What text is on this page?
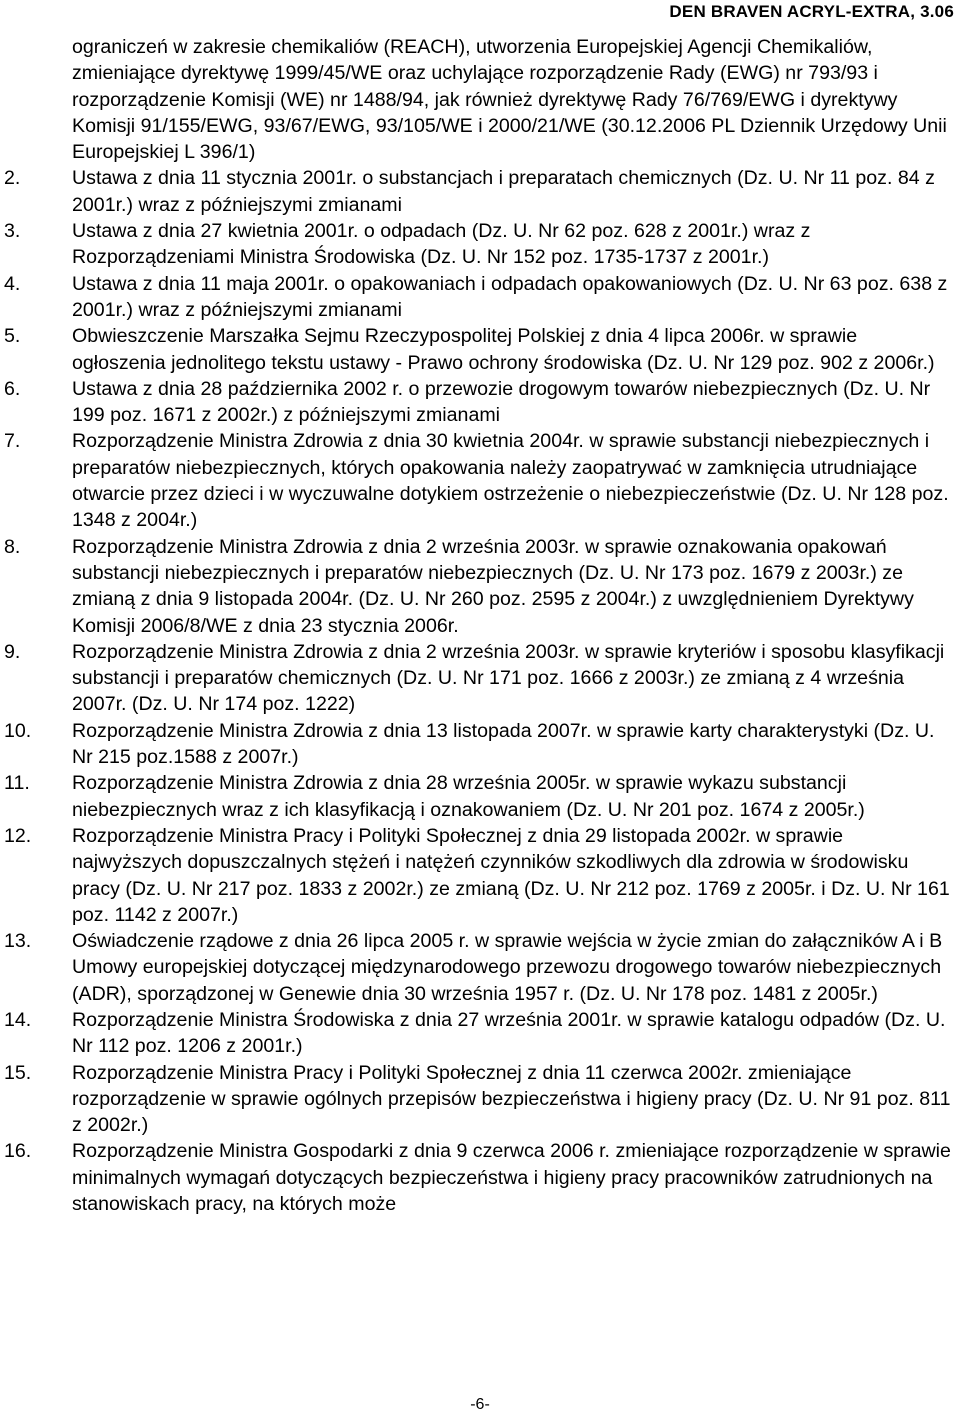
DEN BRAVEN ACRYL-EXTRA, 3.06
ograniczeń w zakresie chemikaliów (REACH), utworzenia Europejskiej Agencji Chemikaliów, zmieniające dyrektywę 1999/45/WE oraz uchylające rozporządzenie Rady (EWG) nr 793/93 i rozporządzenie Komisji (WE) nr 1488/94, jak również dyrektywę Rady 76/769/EWG i dyrektywy Komisji 91/155/EWG, 93/67/EWG, 93/105/WE i 2000/21/WE (30.12.2006 PL Dziennik Urzędowy Unii Europejskiej L 396/1)
2.	Ustawa z dnia 11 stycznia 2001r. o substancjach i preparatach chemicznych (Dz. U. Nr 11 poz. 84 z 2001r.) wraz z późniejszymi zmianami
3.	Ustawa z dnia 27 kwietnia 2001r. o odpadach (Dz. U. Nr 62 poz. 628 z 2001r.) wraz z Rozporządzeniami Ministra Środowiska (Dz. U. Nr 152 poz. 1735-1737 z 2001r.)
4.	Ustawa z dnia 11 maja 2001r. o opakowaniach i odpadach opakowaniowych (Dz. U. Nr 63 poz. 638 z 2001r.) wraz z późniejszymi zmianami
5.	Obwieszczenie Marszałka Sejmu Rzeczypospolitej Polskiej z dnia 4 lipca 2006r. w sprawie ogłoszenia jednolitego tekstu ustawy - Prawo ochrony środowiska (Dz. U. Nr 129 poz. 902 z 2006r.)
6.	Ustawa z dnia 28 października 2002 r. o przewozie drogowym towarów niebezpiecznych (Dz. U. Nr 199 poz. 1671 z 2002r.) z późniejszymi zmianami
7.	Rozporządzenie Ministra Zdrowia z dnia 30 kwietnia 2004r. w sprawie substancji niebezpiecznych i preparatów niebezpiecznych, których opakowania należy zaopatrywać w zamknięcia utrudniające otwarcie przez dzieci i w wyczuwalne dotykiem ostrzeżenie o niebezpieczeństwie (Dz. U. Nr 128 poz. 1348 z 2004r.)
8.	Rozporządzenie Ministra Zdrowia z dnia 2 września 2003r. w sprawie oznakowania opakowań substancji niebezpiecznych i preparatów niebezpiecznych (Dz. U. Nr 173 poz. 1679 z 2003r.) ze zmianą z dnia 9 listopada 2004r. (Dz. U. Nr 260 poz. 2595 z 2004r.) z uwzględnieniem Dyrektywy Komisji 2006/8/WE z dnia 23 stycznia 2006r.
9.	Rozporządzenie Ministra Zdrowia z dnia 2 września 2003r. w sprawie kryteriów i sposobu klasyfikacji substancji i preparatów chemicznych (Dz. U. Nr 171 poz. 1666 z 2003r.) ze zmianą z 4 września 2007r. (Dz. U. Nr 174 poz. 1222)
10. Rozporządzenie Ministra Zdrowia z dnia 13 listopada 2007r. w sprawie karty charakterystyki (Dz. U. Nr 215 poz.1588 z 2007r.)
11. Rozporządzenie Ministra Zdrowia z dnia 28 września 2005r. w sprawie wykazu substancji niebezpiecznych wraz z ich klasyfikacją i oznakowaniem (Dz. U. Nr 201 poz. 1674 z 2005r.)
12. Rozporządzenie Ministra Pracy i Polityki Społecznej z dnia 29 listopada 2002r. w sprawie najwyższych dopuszczalnych stężeń i natężeń czynników szkodliwych dla zdrowia w środowisku pracy (Dz. U. Nr 217 poz. 1833 z 2002r.) ze zmianą (Dz. U. Nr 212 poz. 1769 z 2005r. i Dz. U. Nr 161 poz. 1142 z 2007r.)
13. Oświadczenie rządowe z dnia 26 lipca 2005 r. w sprawie wejścia w życie zmian do załączników A i B Umowy europejskiej dotyczącej międzynarodowego przewozu drogowego towarów niebezpiecznych (ADR), sporządzonej w Genewie dnia 30 września 1957 r. (Dz. U. Nr 178 poz. 1481 z 2005r.)
14. Rozporządzenie Ministra Środowiska z dnia 27 września 2001r. w sprawie katalogu odpadów (Dz. U. Nr 112 poz. 1206 z 2001r.)
15. Rozporządzenie Ministra Pracy i Polityki Społecznej z dnia 11 czerwca 2002r. zmieniające rozporządzenie w sprawie ogólnych przepisów bezpieczeństwa i higieny pracy (Dz. U. Nr 91 poz. 811 z 2002r.)
16. Rozporządzenie Ministra Gospodarki z dnia 9 czerwca 2006 r. zmieniające rozporządzenie w sprawie minimalnych wymagań dotyczących bezpieczeństwa i higieny pracy pracowników zatrudnionych na stanowiskach pracy, na których może
-6-
